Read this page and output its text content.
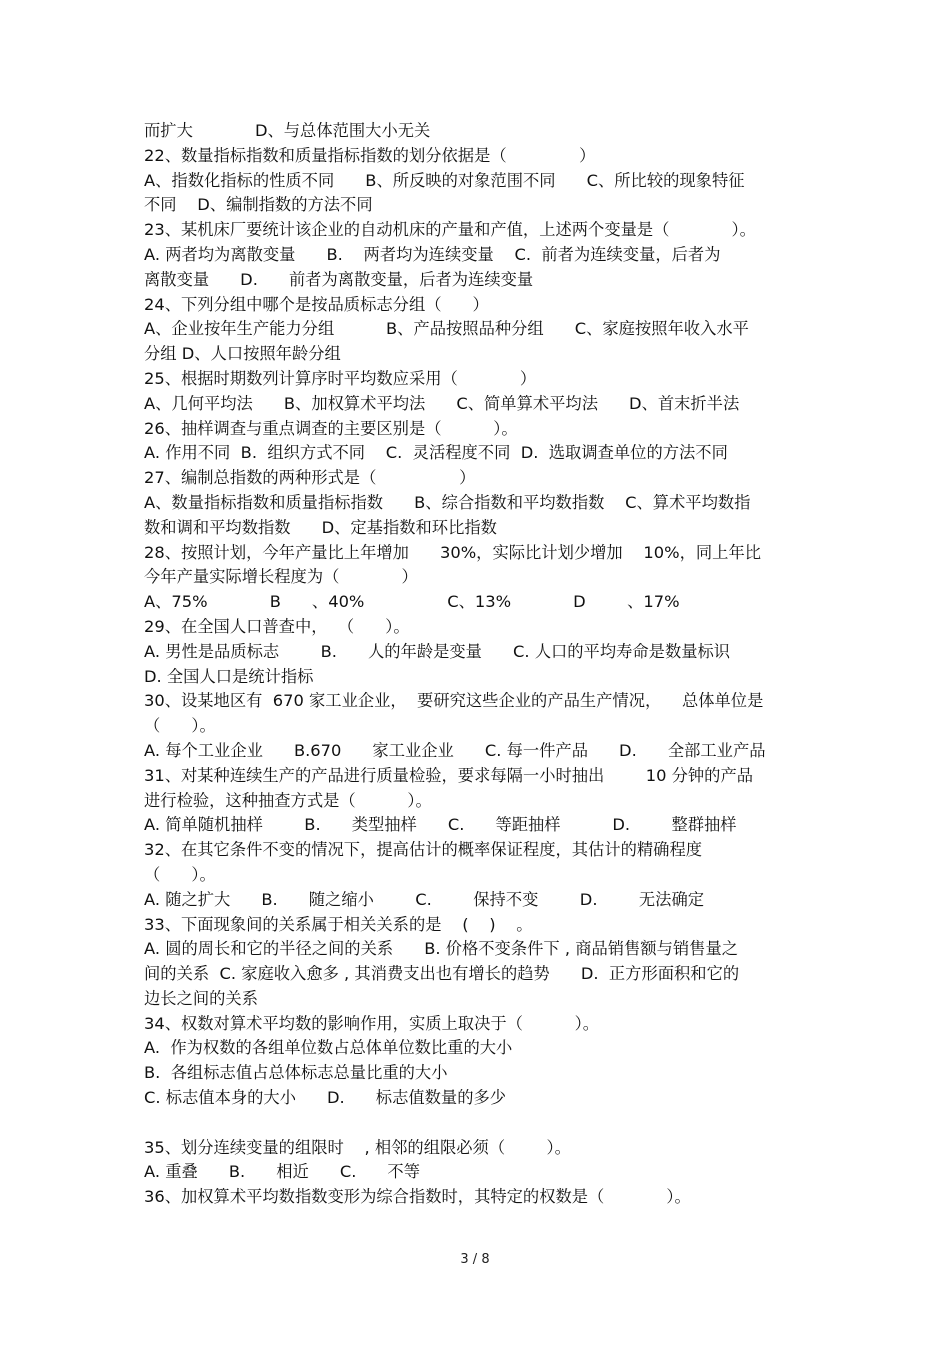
而扩大            D、与总体范围大小无关
22、数量指标指数和质量指标指数的划分依据是（              ）
A、指数化指标的性质不同      B、所反映的对象范围不同      C、所比较的现象特征
不同    D、编制指数的方法不同
23、某机床厂要统计该企业的自动机床的产量和产值，上述两个变量是（            ）。
A. 两者均为离散变量      B.    两者均为连续变量    C.  前者为连续变量，后者为
离散变量      D.      前者为离散变量，后者为连续变量
24、下列分组中哪个是按品质标志分组（      ）
A、企业按年生产能力分组          B、产品按照品种分组      C、家庭按照年收入水平
分组 D、人口按照年龄分组
25、根据时期数列计算序时平均数应采用（            ）
A、几何平均法      B、加权算术平均法      C、简单算术平均法      D、首末折半法
26、抽样调查与重点调查的主要区别是（          ）。
A. 作用不同  B.  组织方式不同    C.  灵活程度不同  D.  选取调查单位的方法不同
27、编制总指数的两种形式是（                ）
A、数量指标指数和质量指标指数      B、综合指数和平均数指数    C、算术平均数指
数和调和平均数指数      D、定基指数和环比指数
28、按照计划，今年产量比上年增加      30%，实际比计划少增加    10%，同上年比
今年产量实际增长程度为（            ）
A、75%            B      、40%                C、13%            D        、17%
29、在全国人口普查中，  （      ）。
A. 男性是品质标志        B.      人的年龄是变量      C. 人口的平均寿命是数量标识
D. 全国人口是统计指标
30、设某地区有  670 家工业企业，  要研究这些企业的产品生产情况，    总体单位是
（      ）。
A. 每个工业企业      B.670      家工业企业      C. 每一件产品      D.      全部工业产品
31、对某种连续生产的产品进行质量检验，要求每隔一小时抽出        10 分钟的产品
进行检验，这种抽查方式是（          ）。
A. 简单随机抽样        B.      类型抽样      C.      等距抽样          D.        整群抽样
32、在其它条件不变的情况下，提高估计的概率保证程度，其估计的精确程度
（      ）。
A. 随之扩大      B.      随之缩小        C.        保持不变        D.        无法确定
33、下面现象间的关系属于相关关系的是    (    )    。
A. 圆的周长和它的半径之间的关系      B. 价格不变条件下 , 商品销售额与销售量之
间的关系  C. 家庭收入愈多 , 其消费支出也有增长的趋势      D.  正方形面积和它的
边长之间的关系
34、权数对算术平均数的影响作用，实质上取决于（          ）。
A.  作为权数的各组单位数占总体单位数比重的大小
B.  各组标志值占总体标志总量比重的大小
C. 标志值本身的大小      D.      标志值数量的多少
35、划分连续变量的组限时    , 相邻的组限必须（        ）。
A. 重叠      B.      相近      C.      不等
36、加权算术平均数指数变形为综合指数时，其特定的权数是（            ）。
3 / 8
